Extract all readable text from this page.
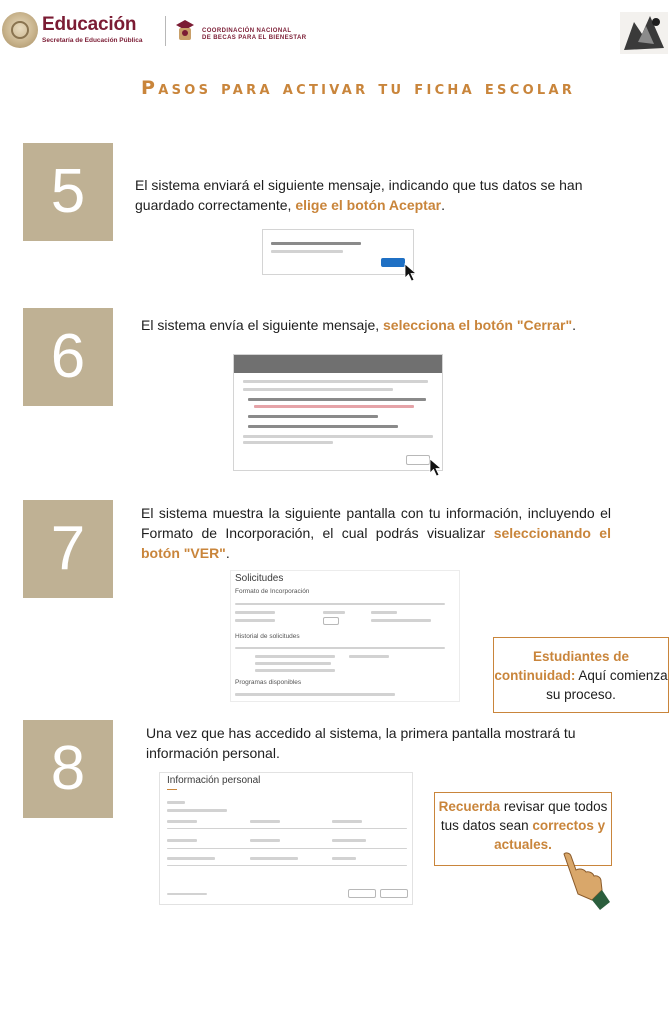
Educación
Secretaría de Educación Pública
COORDINACIÓN NACIONAL
DE BECAS PARA EL BIENESTAR
Pasos para activar tu ficha escolar
5	El sistema enviará el siguiente mensaje, indicando que tus datos se han guardado correctamente, elige el botón Aceptar.
6	El sistema envía el siguiente mensaje, selecciona el botón "Cerrar".
7
El sistema muestra la siguiente pantalla con tu información, incluyendo el Formato de Incorporación, el cual podrás visualizar seleccionando el botón "VER".
Solicitudes
Formato de Incorporación
Historial de solicitudes
Programas disponibles
Estudiantes de continuidad: Aquí comienza su proceso.
8
Una vez que has accedido al sistema, la primera pantalla mostrará tu información personal.
Información personal
Recuerda revisar que todos tus datos sean correctos y actuales.
